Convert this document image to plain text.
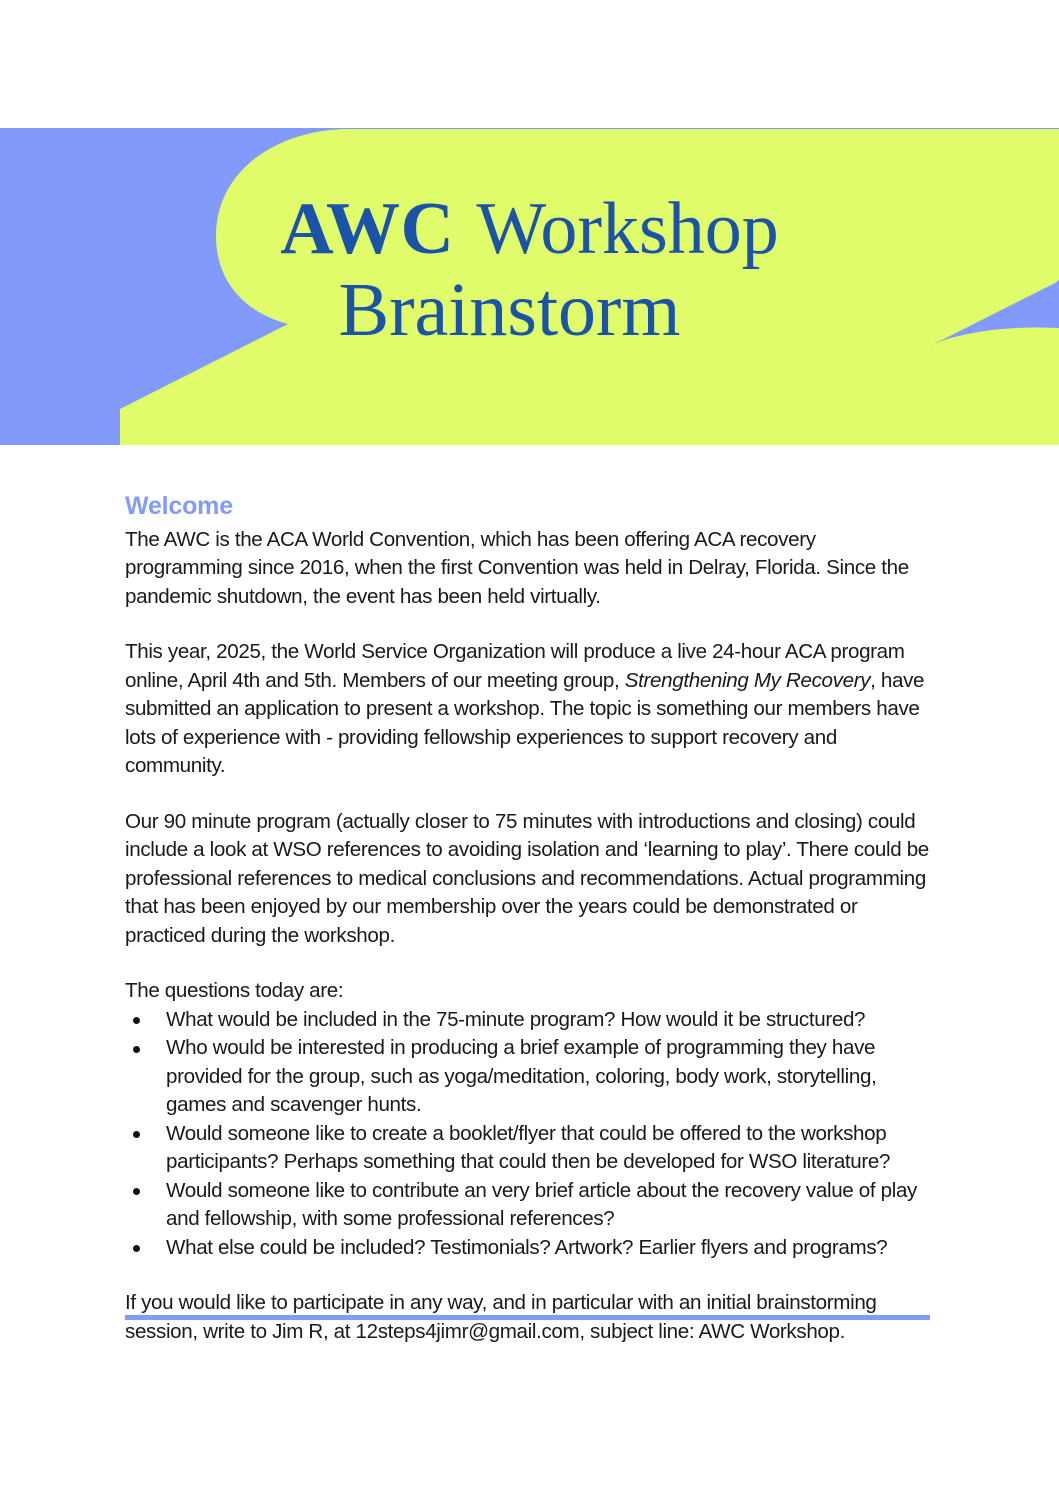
AWC Workshop
Brainstorm
Welcome

The AWC is the ACA World Convention, which has been offering ACA recovery programming since 2016, when the first Convention was held in Delray, Florida. Since the pandemic shutdown, the event has been held virtually.

This year, 2025, the World Service Organization will produce a live 24-hour ACA program online, April 4th and 5th. Members of our meeting group, Strengthening My Recovery, have submitted an application to present a workshop. The topic is something our members have lots of experience with - providing fellowship experiences to support recovery and community.

Our 90 minute program (actually closer to 75 minutes with introductions and closing) could include a look at WSO references to avoiding isolation and ‘learning to play’. There could be professional references to medical conclusions and recommendations. Actual programming that has been enjoyed by our membership over the years could be demonstrated or practiced during the workshop.

The questions today are:

What would be included in the 75-minute program? How would it be structured?
Who would be interested in producing a brief example of programming they have provided for the group, such as yoga/meditation, coloring, body work, storytelling, games and scavenger hunts.
Would someone like to create a booklet/flyer that could be offered to the workshop participants? Perhaps something that could then be developed for WSO literature?
Would someone like to contribute an very brief article about the recovery value of play and fellowship, with some professional references?
What else could be included? Testimonials? Artwork? Earlier flyers and programs?

If you would like to participate in any way, and in particular with an initial brainstorming session, write to Jim R, at 12steps4jimr@gmail.com, subject line: AWC Workshop.
